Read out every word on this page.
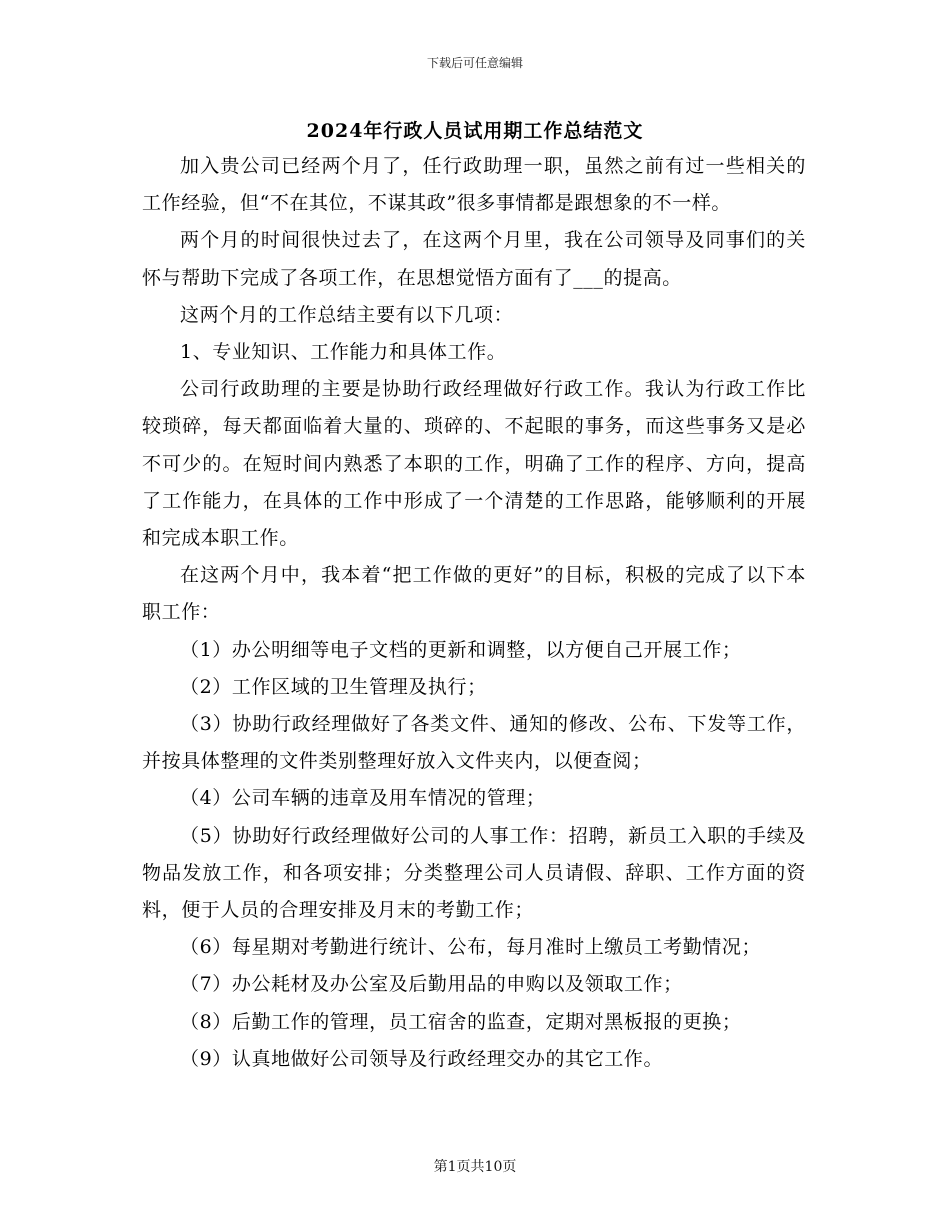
下载后可任意编辑
2024年行政人员试用期工作总结范文

加入贵公司已经两个月了，任行政助理一职，虽然之前有过一些相关的工作经验，但“不在其位，不谋其政”很多事情都是跟想象的不一样。

两个月的时间很快过去了，在这两个月里，我在公司领导及同事们的关怀与帮助下完成了各项工作，在思想觉悟方面有了___的提高。

这两个月的工作总结主要有以下几项：

1、专业知识、工作能力和具体工作。

公司行政助理的主要是协助行政经理做好行政工作。我认为行政工作比较琐碎，每天都面临着大量的、琐碎的、不起眼的事务，而这些事务又是必不可少的。在短时间内熟悉了本职的工作，明确了工作的程序、方向，提高了工作能力，在具体的工作中形成了一个清楚的工作思路，能够顺利的开展和完成本职工作。

在这两个月中，我本着“把工作做的更好”的目标，积极的完成了以下本职工作：

（1）办公明细等电子文档的更新和调整，以方便自己开展工作；

（2）工作区域的卫生管理及执行；

（3）协助行政经理做好了各类文件、通知的修改、公布、下发等工作，并按具体整理的文件类别整理好放入文件夹内，以便查阅；

（4）公司车辆的违章及用车情况的管理；

（5）协助好行政经理做好公司的人事工作：招聘，新员工入职的手续及物品发放工作，和各项安排；分类整理公司人员请假、辞职、工作方面的资料，便于人员的合理安排及月末的考勤工作；

（6）每星期对考勤进行统计、公布，每月准时上缴员工考勤情况；

（7）办公耗材及办公室及后勤用品的申购以及领取工作；

（8）后勤工作的管理，员工宿舍的监查，定期对黑板报的更换；

（9）认真地做好公司领导及行政经理交办的其它工作。

第1页共10页
